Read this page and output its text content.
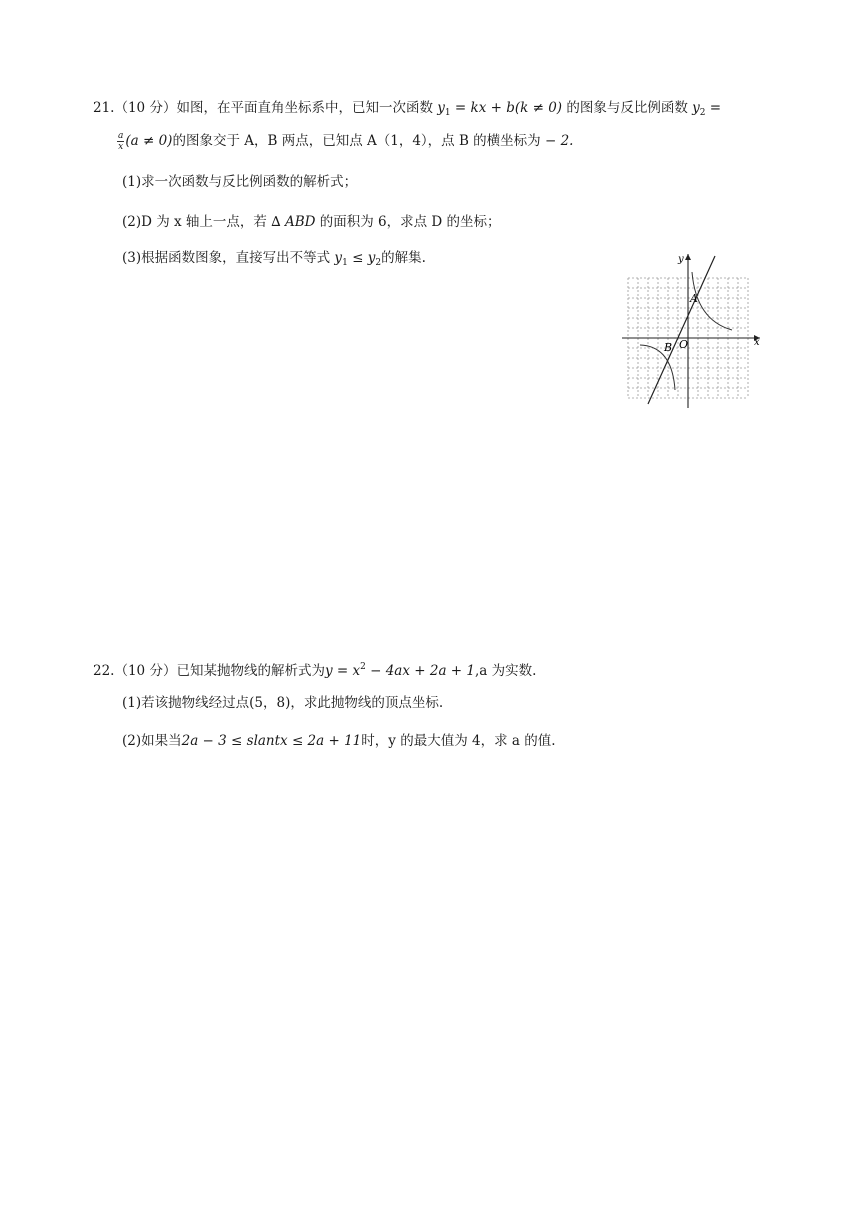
21.（10 分）如图，在平面直角坐标系中，已知一次函数 $y_1$ = kx + b(k ≠ 0) 的图象与反比例函数 $y_2$ =
$\frac{a}{x} (a \ne 0)$的图象交于 A，B 两点，已知点 A（1，4），点 B 的横坐标为 − 2.
(1)求一次函数与反比例函数的解析式；
(2)D 为 x 轴上一点，若 ∆ ABD 的面积为 6，求点 D 的坐标；
(3)根据函数图象，直接写出不等式 $y_1 \le y_2$的解集.
x
y
A
B O
22.（10 分）已知某抛物线的解析式为$y = x^2 - 4ax + 2a + 1,a$ 为实数.
(1)若该抛物线经过点(5，8)，求此抛物线的顶点坐标.
(2)如果当2a − 3 ≤ slantx ≤ 2a + 11时，y 的最大值为 4，求 a 的值.
